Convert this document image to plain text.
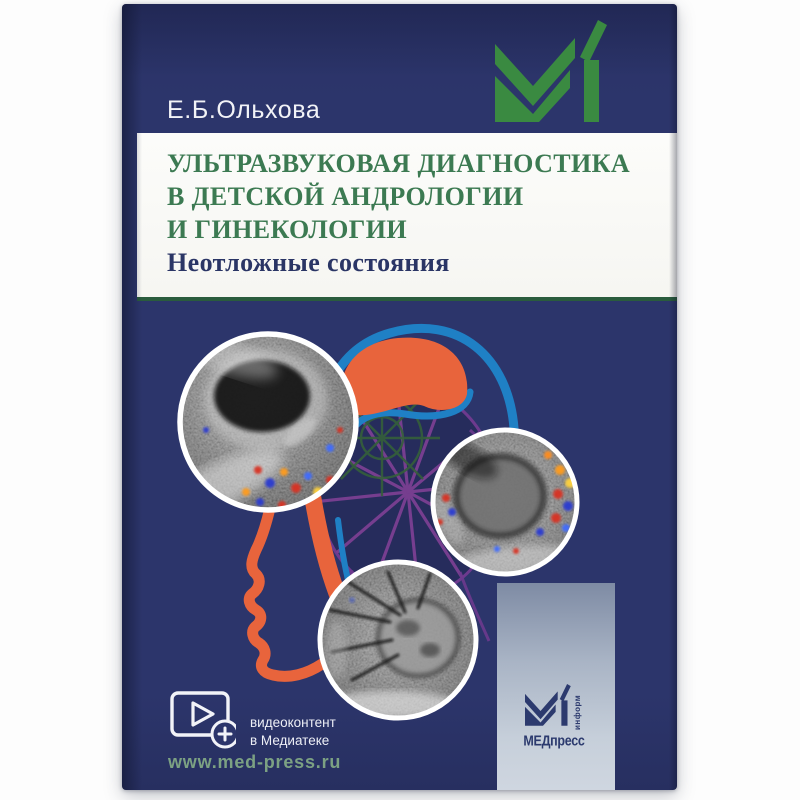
Е.Б.Ольхова
УЛЬТРАЗВУКОВАЯ ДИАГНОСТИКА
В ДЕТСКОЙ АНДРОЛОГИИ
И ГИНЕКОЛОГИИ
Неотложные состояния
информ
МЕДпресс
видеоконтент
в Медиатеке
www.med-press.ru
